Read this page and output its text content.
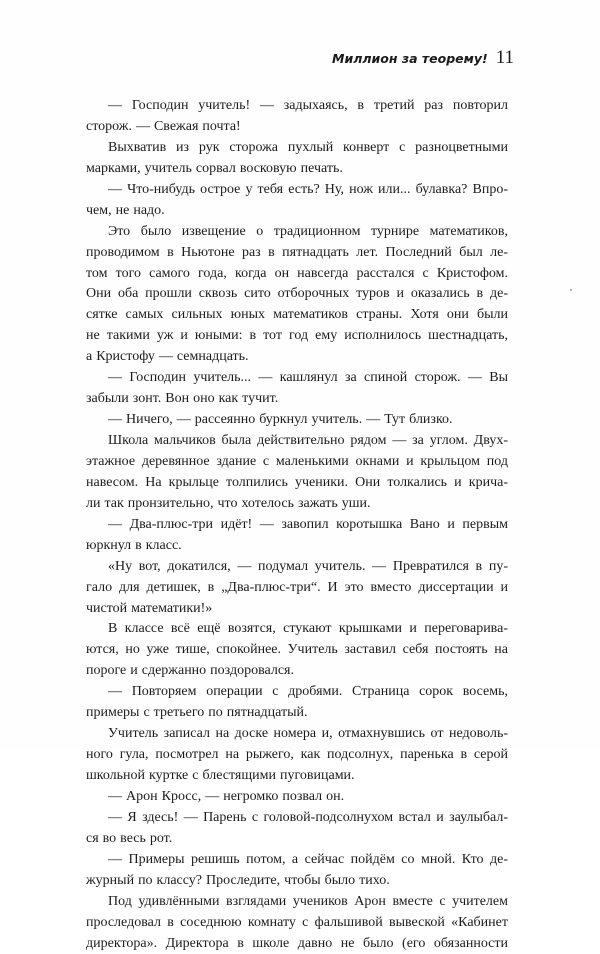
Миллион за теорему! 11
— Господин учитель! — задыхаясь, в третий раз повторил
сторож. — Свежая почта!
Выхватив из рук сторожа пухлый конверт с разноцветными
марками, учитель сорвал восковую печать.
— Что-нибудь острое у тебя есть? Ну, нож или... булавка? Впро-
чем, не надо.
Это было извещение о традиционном турнире математиков,
проводимом в Ньютоне раз в пятнадцать лет. Последний был ле-
том того самого года, когда он навсегда расстался с Кристофом.
Они оба прошли сквозь сито отборочных туров и оказались в де-
сятке самых сильных юных математиков страны. Хотя они были
не такими уж и юными: в тот год ему исполнилось шестнадцать,
а Кристофу — семнадцать.
— Господин учитель... — кашлянул за спиной сторож. — Вы
забыли зонт. Вон оно как тучит.
— Ничего, — рассеянно буркнул учитель. — Тут близко.
Школа мальчиков была действительно рядом — за углом. Двух-
этажное деревянное здание с маленькими окнами и крыльцом под
навесом. На крыльце толпились ученики. Они толкались и крича-
ли так пронзительно, что хотелось зажать уши.
— Два-плюс-три идёт! — завопил коротышка Вано и первым
юркнул в класс.
«Ну вот, докатился, — подумал учитель. — Превратился в пу-
гало для детишек, в „Два-плюс-три“. И это вместо диссертации и
чистой математики!»
В классе всё ещё возятся, стукают крышками и переговарива-
ются, но уже тише, спокойнее. Учитель заставил себя постоять на
пороге и сдержанно поздоровался.
— Повторяем операции с дробями. Страница сорок восемь,
примеры с третьего по пятнадцатый.
Учитель записал на доске номера и, отмахнувшись от недоволь-
ного гула, посмотрел на рыжего, как подсолнух, паренька в серой
школьной куртке с блестящими пуговицами.
— Арон Кросс, — негромко позвал он.
— Я здесь! — Парень с головой-подсолнухом встал и заулыбал-
ся во весь рот.
— Примеры решишь потом, а сейчас пойдём со мной. Кто де-
журный по классу? Проследите, чтобы было тихо.
Под удивлёнными взглядами учеников Арон вместе с учителем
проследовал в соседнюю комнату с фальшивой вывеской «Кабинет
директора». Директора в школе давно не было (его обязанности
